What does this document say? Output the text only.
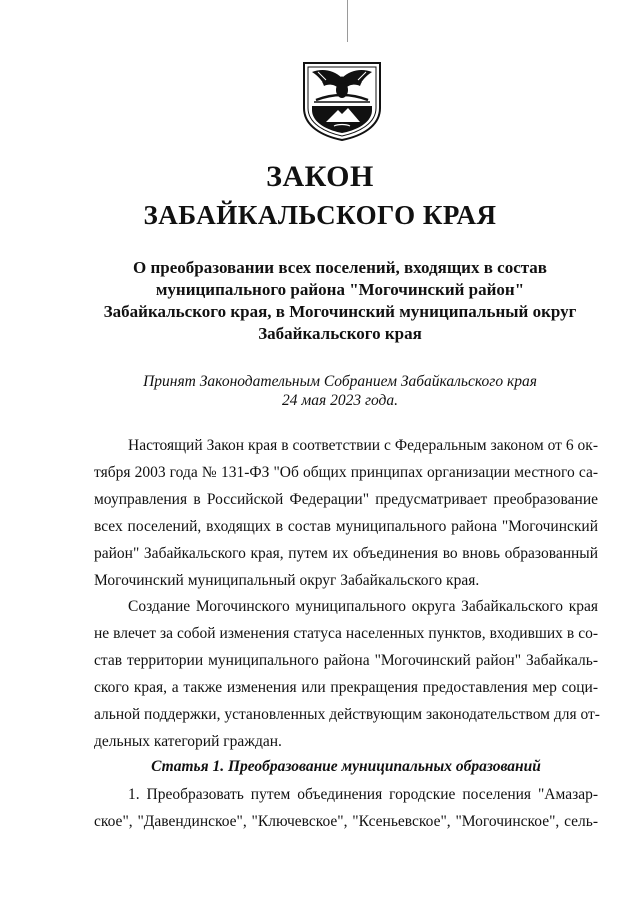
ЗАКОН
ЗАБАЙКАЛЬСКОГО КРАЯ
О преобразовании всех поселений, входящих в состав
муниципального района "Могочинский район"
Забайкальского края, в Могочинский муниципальный округ
Забайкальского края
Принят Законодательным Собранием Забайкальского края
24 мая 2023 года.
Настоящий Закон края в соответствии с Федеральным законом от 6 ок-
тября 2003 года № 131-ФЗ "Об общих принципах организации местного са-
моуправления в Российской Федерации" предусматривает преобразование
всех поселений, входящих в состав муниципального района "Могочинский
район" Забайкальского края, путем их объединения во вновь образованный
Могочинский муниципальный округ Забайкальского края.
Создание Могочинского муниципального округа Забайкальского края
не влечет за собой изменения статуса населенных пунктов, входивших в со-
став территории муниципального района "Могочинский район" Забайкаль-
ского края, а также изменения или прекращения предоставления мер соци-
альной поддержки, установленных действующим законодательством для от-
дельных категорий граждан.
Статья 1. Преобразование муниципальных образований
1. Преобразовать путем объединения городские поселения "Амазар-
ское", "Давендинское", "Ключевское", "Ксеньевское", "Могочинское", сель-
